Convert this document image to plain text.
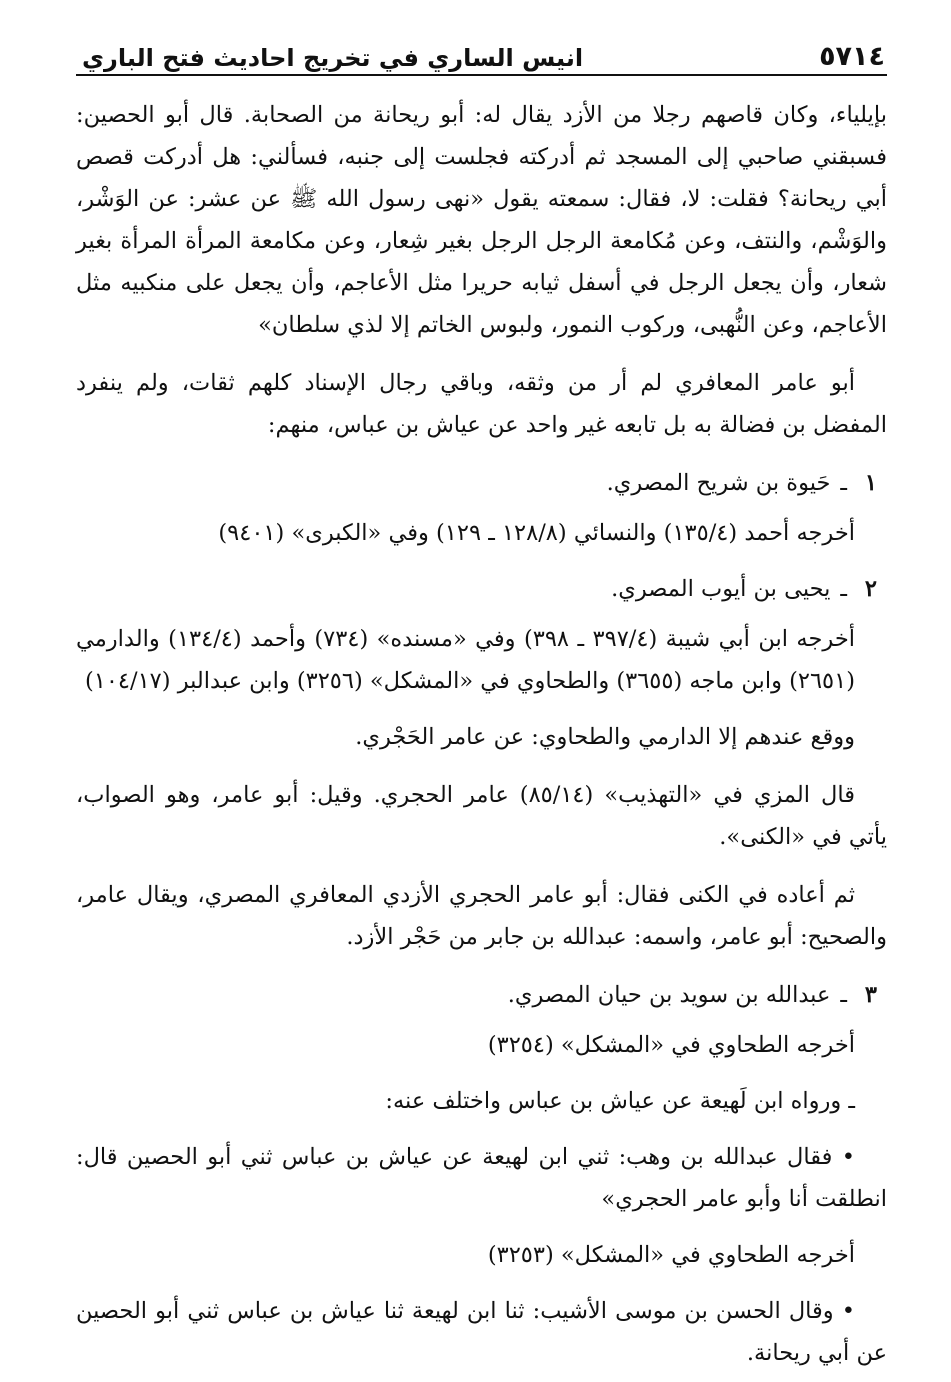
٥٧١٤
انيس الساري في تخريج احاديث فتح الباري

بإيلياء، وكان قاصهم رجلا من الأزد يقال له: أبو ريحانة من الصحابة. قال أبو الحصين: فسبقني صاحبي إلى المسجد ثم أدركته فجلست إلى جنبه، فسألني: هل أدركت قصص أبي ريحانة؟ فقلت: لا، فقال: سمعته يقول «نهى رسول الله ﷺ عن عشر: عن الوَشْر، والوَشْم، والنتف، وعن مُكامعة الرجل الرجل بغير شِعار، وعن مكامعة المرأة المرأة بغير شعار، وأن يجعل الرجل في أسفل ثيابه حريرا مثل الأعاجم، وأن يجعل على منكبيه مثل الأعاجم، وعن النُّهبى، وركوب النمور، ولبوس الخاتم إلا لذي سلطان»

أبو عامر المعافري لم أر من وثقه، وباقي رجال الإسناد كلهم ثقات، ولم ينفرد المفضل بن فضالة به بل تابعه غير واحد عن عياش بن عباس، منهم:

١ـحَيوة بن شريح المصري.

أخرجه أحمد (١٣٥/٤) والنسائي (١٢٨/٨ ـ ١٢٩) وفي «الكبرى» (٩٤٠١)

٢ـيحيى بن أيوب المصري.

أخرجه ابن أبي شيبة (٣٩٧/٤ ـ ٣٩٨) وفي «مسنده» (٧٣٤) وأحمد (١٣٤/٤) والدارمي (٢٦٥١) وابن ماجه (٣٦٥٥) والطحاوي في «المشكل» (٣٢٥٦) وابن عبدالبر (١٠٤/١٧)

ووقع عندهم إلا الدارمي والطحاوي: عن عامر الحَجْري.

قال المزي في «التهذيب» (٨٥/١٤) عامر الحجري. وقيل: أبو عامر، وهو الصواب، يأتي في «الكنى».

ثم أعاده في الكنى فقال: أبو عامر الحجري الأزدي المعافري المصري، ويقال عامر، والصحيح: أبو عامر، واسمه: عبدالله بن جابر من حَجْر الأزد.

٣ـعبدالله بن سويد بن حيان المصري.

أخرجه الطحاوي في «المشكل» (٣٢٥٤)

ـ ورواه ابن لَهيعة عن عياش بن عباس واختلف عنه:

• فقال عبدالله بن وهب: ثني ابن لهيعة عن عياش بن عباس ثني أبو الحصين قال: انطلقت أنا وأبو عامر الحجري»

أخرجه الطحاوي في «المشكل» (٣٢٥٣)

• وقال الحسن بن موسى الأشيب: ثنا ابن لهيعة ثنا عياش بن عباس ثني أبو الحصين عن أبي ريحانة.
